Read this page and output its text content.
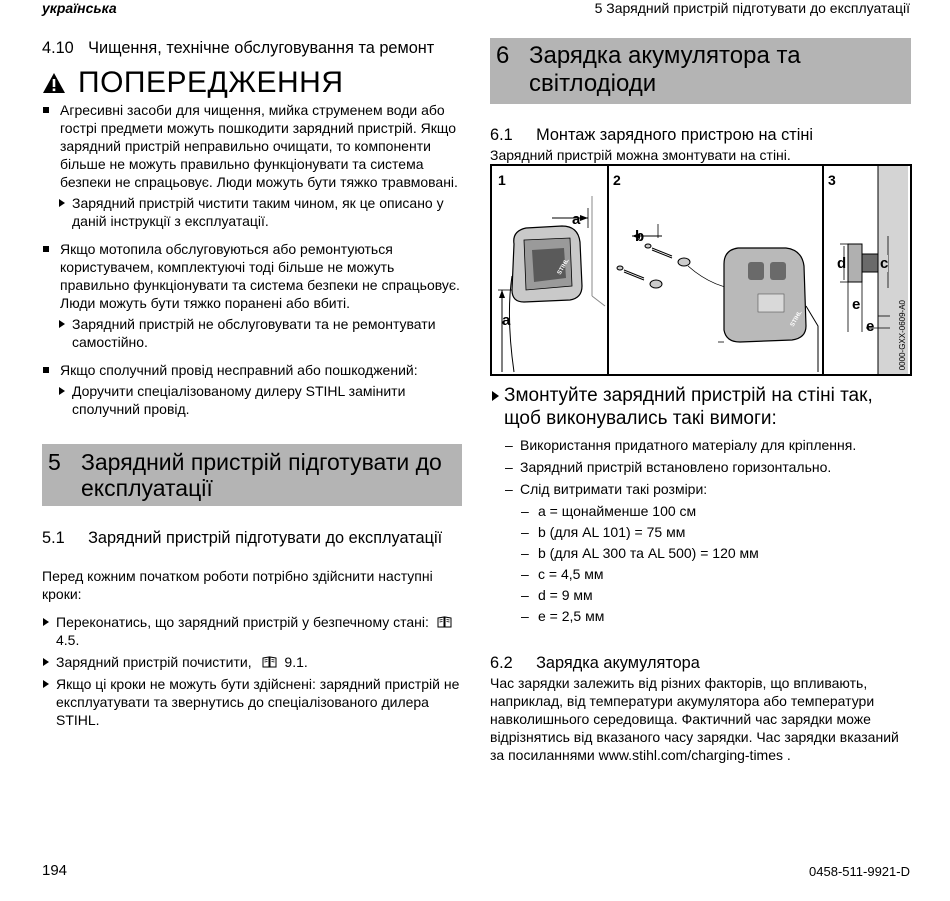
українська	5 Зарядний пристрій підготувати до експлуатації
4.10 Чищення, технічне обслуговування та ремонт
ПОПЕРЕДЖЕННЯ
Агресивні засоби для чищення, мийка струменем води або гострі предмети можуть пошкодити зарядний пристрій. Якщо зарядний пристрій неправильно очищати, то компоненти більше не можуть правильно функціонувати та система безпеки не спрацьовує. Люди можуть бути тяжко травмовані.
Зарядний пристрій чистити таким чином, як це описано у даній інструкції з експлуатації.
Якщо мотопила обслуговуються або ремонтуються користувачем, комплектуючі тоді більше не можуть правильно функціонувати та система безпеки не спрацьовує. Люди можуть бути тяжко поранені або вбиті.
Зарядний пристрій не обслуговувати та не ремонтувати самостійно.
Якщо сполучний провід несправний або пошкоджений:
Доручити спеціалізованому дилеру STIHL замінити сполучний провід.
5 Зарядний пристрій підготувати до експлуатації
5.1	Зарядний пристрій підготувати до експлуатації
Перед кожним початком роботи потрібно здійснити наступні кроки:
Переконатись, що зарядний пристрій у безпечному стані:  4.5.
Зарядний пристрій почистити, 9.1.
Якщо ці кроки не можуть бути здійснені: зарядний пристрій не експлуатувати та звернутись до спеціалізованого дилера STIHL.
6 Зарядка акумулятора та світлодіоди
6.1	Монтаж зарядного пристрою на стіні
Зарядний пристрій можна змонтувати на стіні.
1	2	3
a
a
b
d c
e
e
STIHL
STIHL	0000-GXX-0609-A0
Змонтуйте зарядний пристрій на стіні так, щоб виконувались такі вимоги:
– Використання придатного матеріалу для кріплення.
– Зарядний пристрій встановлено горизонтально.
– Слід витримати такі розміри:
– a = щонайменше 100 см
– b (для AL 101) = 75 мм
– b (для AL 300 та AL 500) = 120 мм
– c = 4,5 мм
– d = 9 мм
– e = 2,5 мм
6.2	Зарядка акумулятора
Час зарядки залежить від різних факторів, що впливають, наприклад, від температури акумулятора або температури навколишнього середовища. Фактичний час зарядки може відрізнятись від вказаного часу зарядки. Час зарядки вказаний за посиланнями www.stihl.com/charging-times .
194	0458-511-9921-D
